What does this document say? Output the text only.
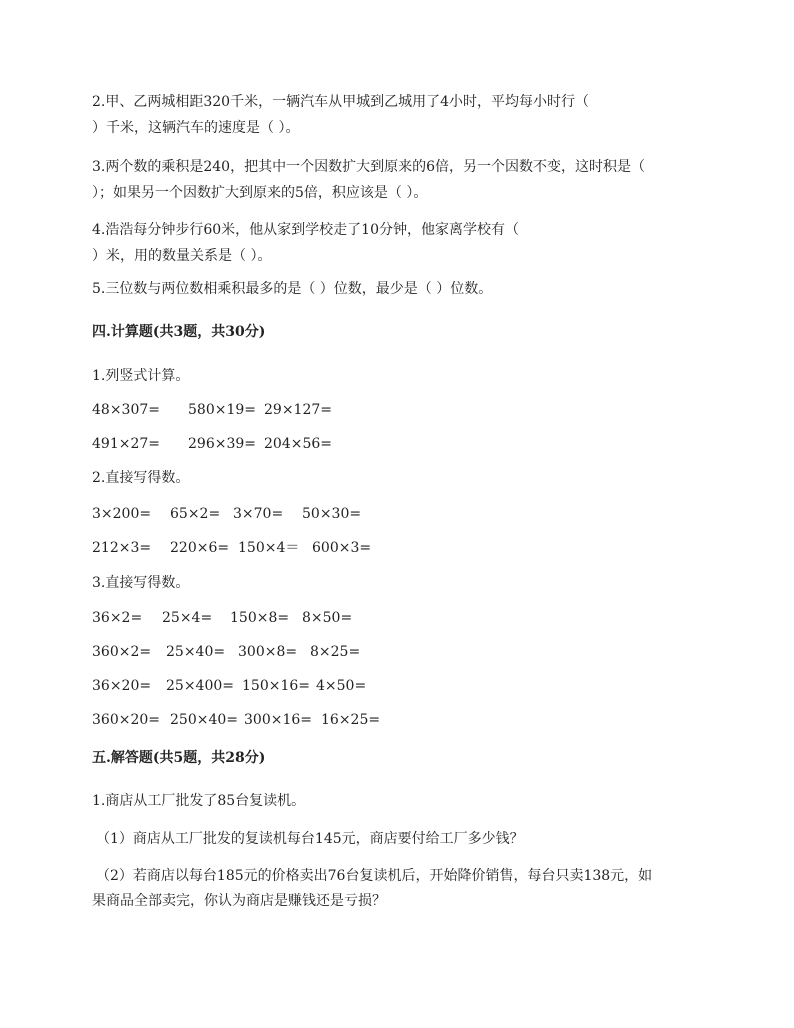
2.甲、乙两城相距320千米，一辆汽车从甲城到乙城用了4小时，平均每小时行（
）千米，这辆汽车的速度是（ ）。
3.两个数的乘积是240，把其中一个因数扩大到原来的6倍，另一个因数不变，这时积是（
）；如果另一个因数扩大到原来的5倍，积应该是（ ）。
4.浩浩每分钟步行60米，他从家到学校走了10分钟，他家离学校有（
）米，用的数量关系是（ ）。
5.三位数与两位数相乘积最多的是（ ）位数，最少是（ ）位数。
四.计算题(共3题，共30分)
1.列竖式计算。
48×307= 580×19= 29×127=
491×27= 296×39= 204×56=
2.直接写得数。
3×200= 65×2= 3×70= 50×30=
212×3= 220×6= 150×4＝ 600×3=
3.直接写得数。
36×2= 25×4= 150×8= 8×50=
360×2= 25×40= 300×8= 8×25=
36×20= 25×400= 150×16= 4×50=
360×20= 250×40= 300×16= 16×25=
五.解答题(共5题，共28分)
1.商店从工厂批发了85台复读机。
（1）商店从工厂批发的复读机每台145元，商店要付给工厂多少钱？
（2）若商店以每台185元的价格卖出76台复读机后，开始降价销售，每台只卖138元，如
果商品全部卖完，你认为商店是赚钱还是亏损？
